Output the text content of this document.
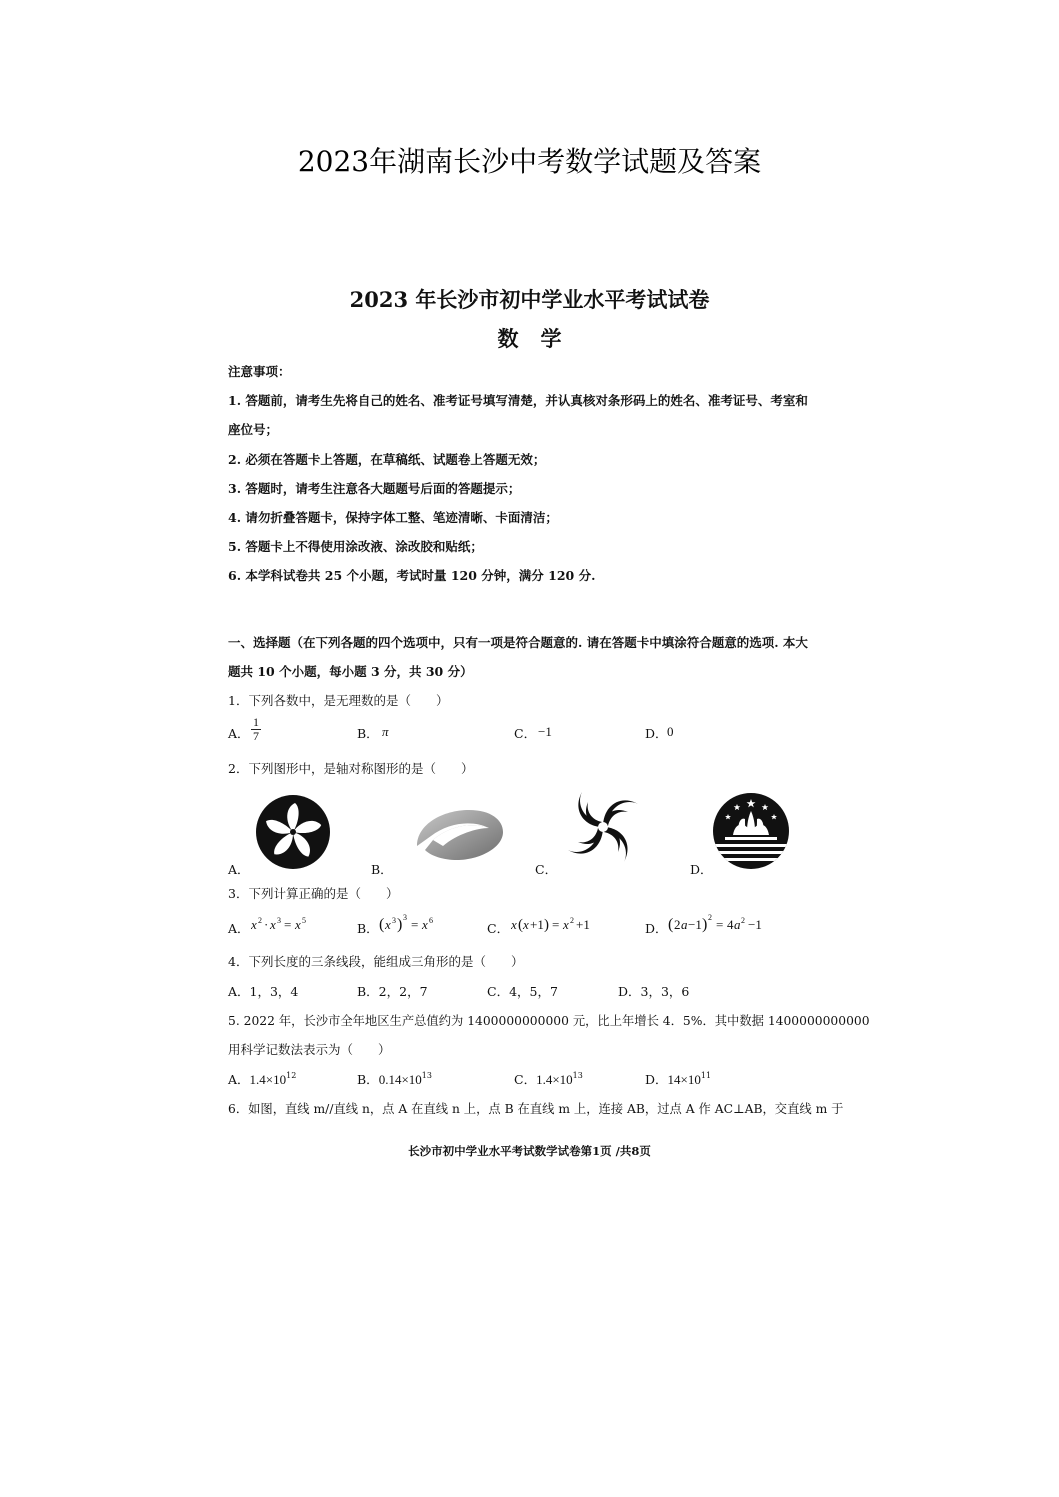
2023年湖南长沙中考数学试题及答案
2023 年长沙市初中学业水平考试试卷
数学
注意事项：
1. 答题前，请考生先将自己的姓名、准考证号填写清楚，并认真核对条形码上的姓名、准考证号、考室和
座位号；
2. 必须在答题卡上答题，在草稿纸、试题卷上答题无效；
3. 答题时，请考生注意各大题题号后面的答题提示；
4. 请勿折叠答题卡，保持字体工整、笔迹清晰、卡面清洁；
5. 答题卡上不得使用涂改液、涂改胶和贴纸；
6. 本学科试卷共 25 个小题，考试时量 120 分钟，满分 120 分.
一、选择题（在下列各题的四个选项中，只有一项是符合题意的. 请在答题卡中填涂符合题意的选项. 本大
题共 10 个小题，每小题 3 分，共 30 分）
1．下列各数中，是无理数的是（　　）
A． $\frac{1}{7}$	B． π	C． −1	D． 0
2．下列图形中，是轴对称图形的是（　　）
A．	B．	C．	D．
3．下列计算正确的是（　　）
A． x 2 · x 3 = x 5
B． ( x 3 ) 3 = x 6
C． x ( x +1 ) = x 2 +1	D． ( 2 a −1 ) 2 = 4 a 2 −1
4．下列长度的三条线段，能组成三角形的是（　　）
A．1，3，4	B．2，2，7	C．4，5，7	D．3，3，6
5. 2022 年，长沙市全年地区生产总值约为 1400000000000 元，比上年增长 4．5%．其中数据 1400000000000
用科学记数法表示为（　　）
A．$1.4\times 10^{12}$	B．$0.14\times 10^{13}$	C．$1.4\times 10^{13}$	D．$14\times 10^{11}$
6．如图，直线 m//直线 n，点 A 在直线 n 上，点 B 在直线 m 上，连接 AB，过点 A 作 AC⊥AB，交直线 m 于
长沙市初中学业水平考试数学试卷第1页 /共8页
